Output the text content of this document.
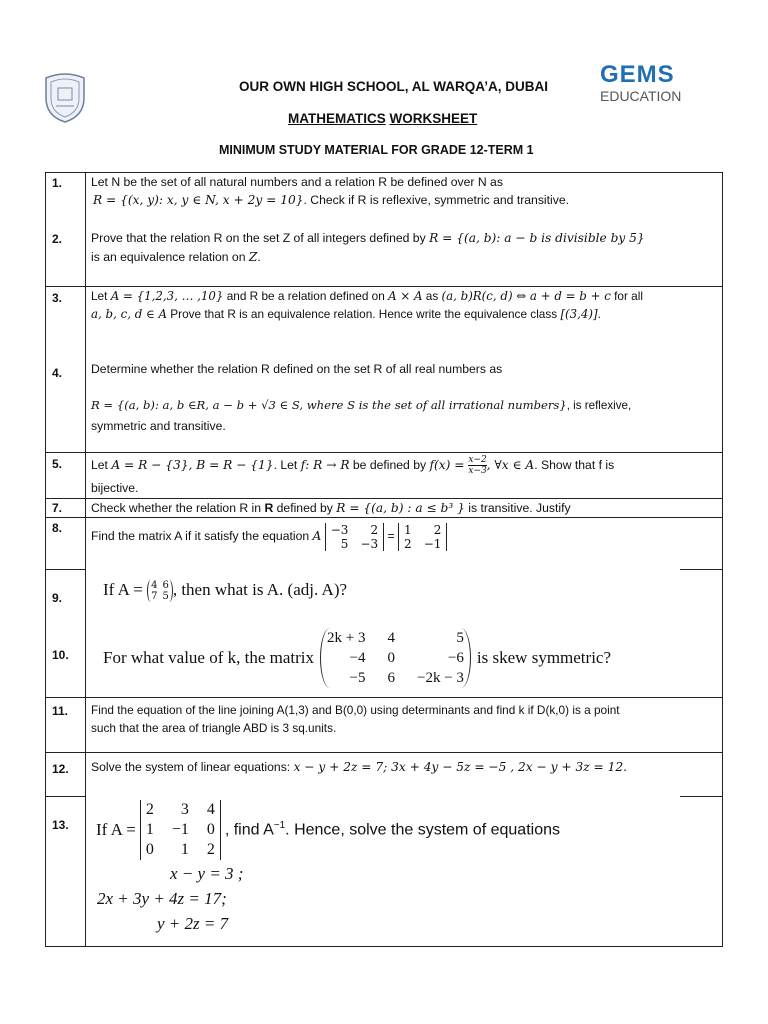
OUR OWN HIGH SCHOOL, AL WARQA’A, DUBAI
MATHEMATICS WORKSHEET
MINIMUM STUDY MATERIAL FOR GRADE 12-TERM 1
GEMS
EDUCATION
1. Let N be the set of all natural numbers and a relation R be defined over N as
R = {(x, y): x, y ∈ N, x + 2y = 10}. Check if R is reflexive, symmetric and transitive.
2. Prove that the relation R on the set Z of all integers defined by R = {(a, b): a − b is divisible by 5}
is an equivalence relation on Z.
3. Let A = {1,2,3, … ,10} and R be a relation defined on A × A as (a, b)R(c, d) ⇔ a + d = b + c for all
a, b, c, d ∈ A Prove that R is an equivalence relation. Hence write the equivalence class [(3,4)].
4. Determine whether the relation R defined on the set R of all real numbers as
R = {(a, b): a, b ∈R, a − b + √3 ∈ S, where S is the set of all irrational numbers}, is reflexive,
symmetric and transitive.
5. Let A = R − {3}, B = R − {1}. Let f: R → R be defined by $f(x) = \frac{x-2}{x-3}$ , ∀x ∈ A. Show that f is
bijective.
7. Check whether the relation R in R defined by R = {(a, b) : a ≤ b³ } is transitive. Justify
8.
Find the matrix A if it satisfy the equation A −3	2
5 −3
= 1	2
2 −1
9. If A = 4 6
7 5 , then what is A. (adj. A)?
10. For what value of k, the matrix
2k + 3 4	5
−4 0	−6
−5 6 −2k − 3
is skew symmetric?
11. Find the equation of the line joining A(1,3) and B(0,0) using determinants and find k if D(k,0) is a point
such that the area of triangle ABD is 3 sq.units.
12. Solve the system of linear equations: x − y + 2z = 7; 3x + 4y − 5z = −5 , 2x − y + 3z = 12.
13. If A =
2	3 4
1 −1 0
0	1 2
, find $A^{-1}$. Hence, solve the system of equations
x − y = 3 ;
2x + 3y + 4z = 17;
y + 2z = 7
